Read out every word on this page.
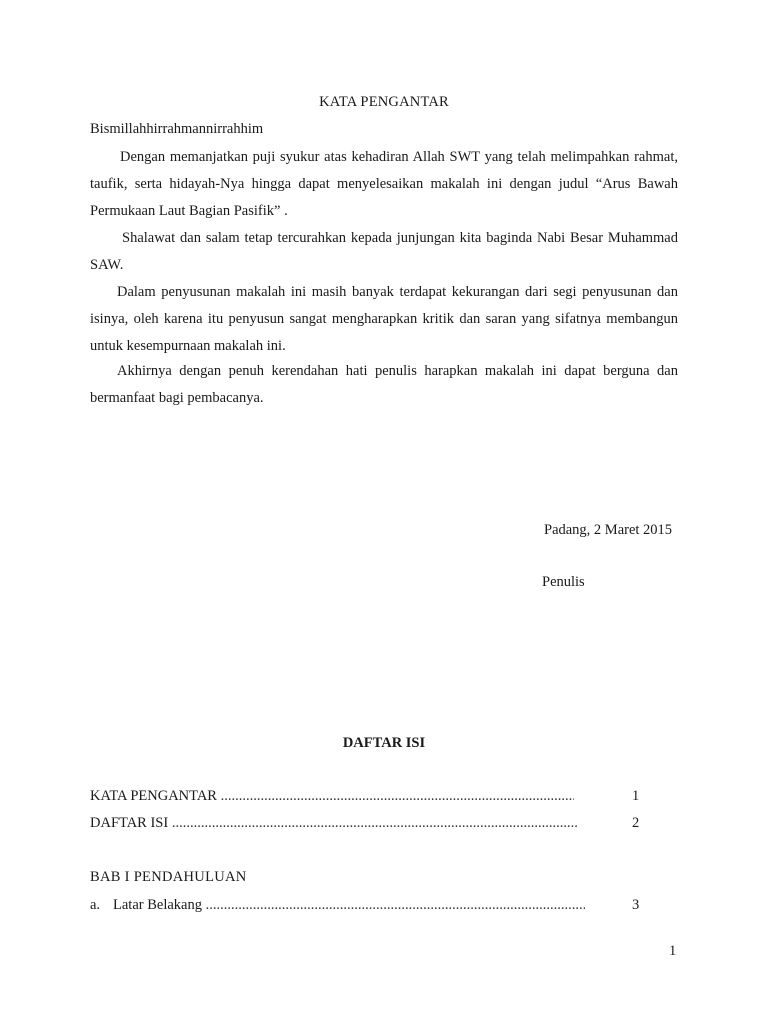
KATA PENGANTAR

Bismillahhirrahmannirrahhim

Dengan memanjatkan puji syukur atas kehadiran Allah SWT yang telah melimpahkan rahmat, taufik, serta hidayah-Nya hingga dapat menyelesaikan makalah ini dengan judul “Arus Bawah Permukaan Laut Bagian Pasifik” .

Shalawat dan salam tetap tercurahkan kepada junjungan kita baginda Nabi Besar Muhammad SAW.

Dalam penyusunan makalah ini masih banyak terdapat kekurangan dari segi penyusunan dan isinya, oleh karena itu penyusun sangat mengharapkan kritik dan saran yang sifatnya membangun untuk kesempurnaan makalah ini.

Akhirnya dengan penuh kerendahan hati penulis harapkan makalah ini dapat berguna dan bermanfaat bagi pembacanya.

Padang, 2 Maret 2015

Penulis

DAFTAR ISI

KATA PENGANTAR .....	1
DAFTAR ISI .....	2

BAB I PENDAHULUAN

a. Latar Belakang .....	3
1
